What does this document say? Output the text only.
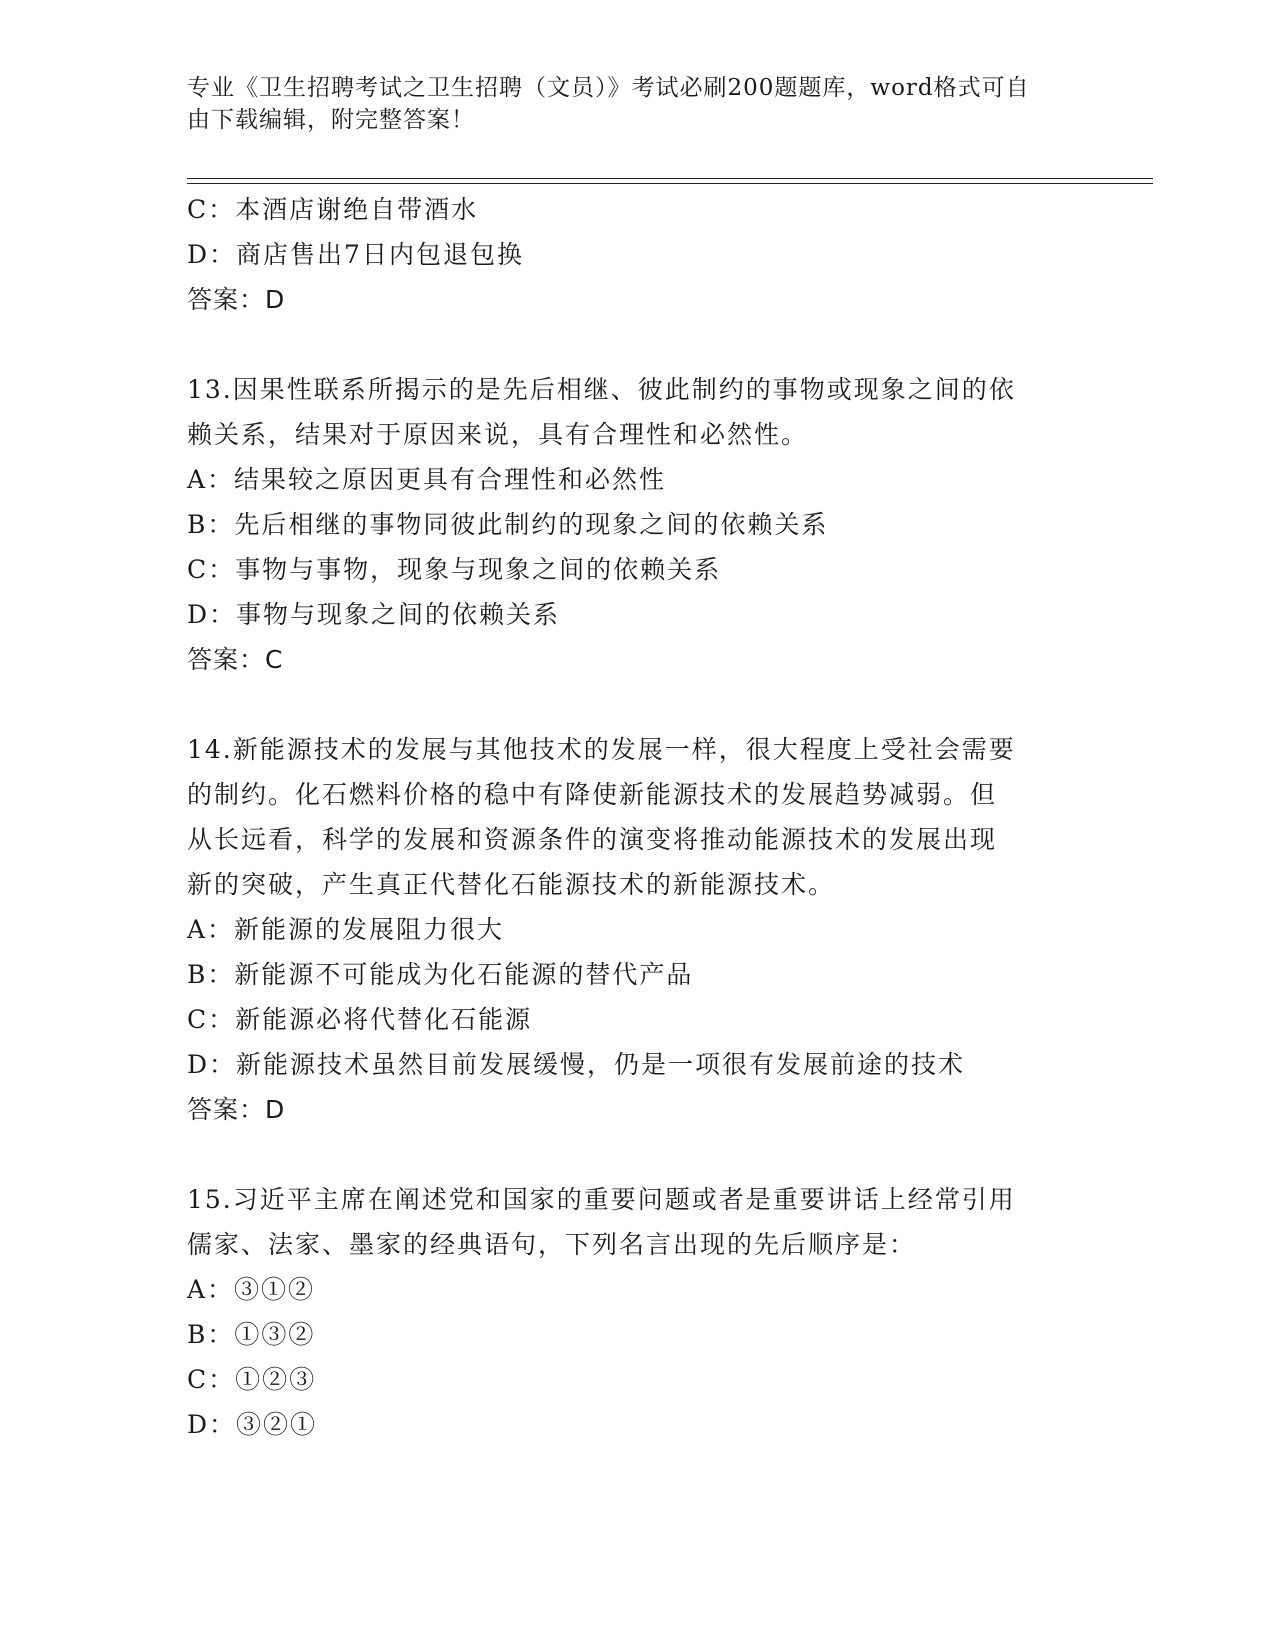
专业《卫生招聘考试之卫生招聘（文员）》考试必刷200题题库，word格式可自
由下载编辑，附完整答案！
C：本酒店谢绝自带酒水
D：商店售出7日内包退包换
答案：D
13.因果性联系所揭示的是先后相继、彼此制约的事物或现象之间的依
赖关系，结果对于原因来说，具有合理性和必然性。
A：结果较之原因更具有合理性和必然性
B：先后相继的事物同彼此制约的现象之间的依赖关系
C：事物与事物，现象与现象之间的依赖关系
D：事物与现象之间的依赖关系
答案：C
14.新能源技术的发展与其他技术的发展一样，很大程度上受社会需要
的制约。化石燃料价格的稳中有降使新能源技术的发展趋势减弱。但
从长远看，科学的发展和资源条件的演变将推动能源技术的发展出现
新的突破，产生真正代替化石能源技术的新能源技术。
A：新能源的发展阻力很大
B：新能源不可能成为化石能源的替代产品
C：新能源必将代替化石能源
D：新能源技术虽然目前发展缓慢，仍是一项很有发展前途的技术
答案：D
15.习近平主席在阐述党和国家的重要问题或者是重要讲话上经常引用
儒家、法家、墨家的经典语句，下列名言出现的先后顺序是：
A：③①②
B：①③②
C：①②③
D：③②①
